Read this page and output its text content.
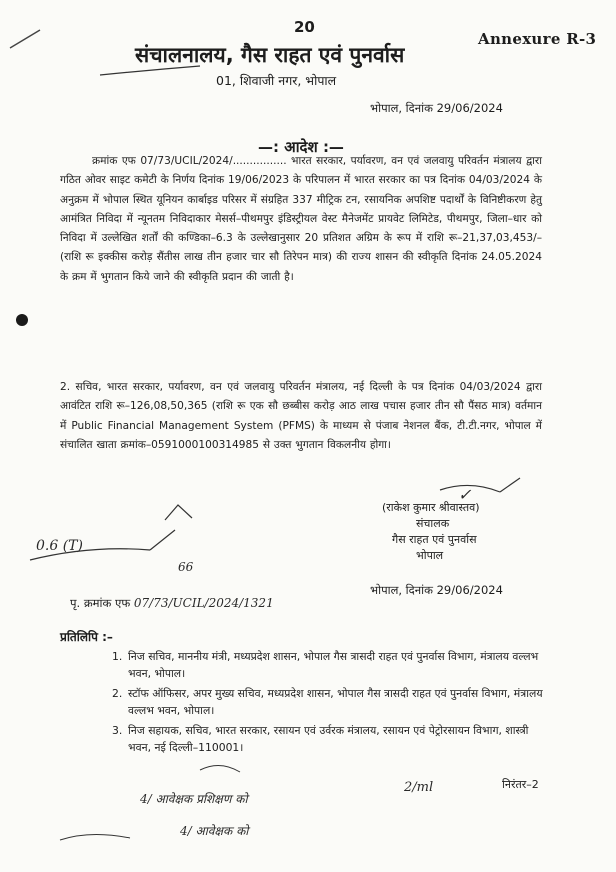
20
Annexure R-3
संचालनालय, गैस राहत एवं पुनर्वास
01, शिवाजी नगर, भोपाल
भोपाल, दिनांक 29/06/2024
0.6 (T)
66
—: आदेश :—

क्रमांक एफ 07/73/UCIL/2024/................ भारत सरकार, पर्यावरण, वन एवं जलवायु परिवर्तन मंत्रालय द्वारा गठित ओवर साइट कमेटी के निर्णय दिनांक 19/06/2023 के परिपालन में भारत सरकार का पत्र दिनांक 04/03/2024 के अनुक्रम में भोपाल स्थित यूनियन कार्बाइड परिसर में संग्रहित 337 मीट्रिक टन, रसायनिक अपशिष्ट पदार्थों के विनिष्टीकरण हेतु आमंत्रित निविदा में न्यूनतम निविदाकार मेसर्स–पीथमपुर इंडिस्ट्रीयल वेस्ट मैनेजमेंट प्रायवेट लिमिटेड, पीथमपुर, जिला–धार को निविदा में उल्लेखित शर्तों की कण्डिका–6.3 के उल्लेखानुसार 20 प्रतिशत अग्रिम के रूप में राशि रू–21,37,03,453/–(राशि रू इक्कीस करोड़ सैंतीस लाख तीन हजार चार सौ तिरेपन मात्र) की राज्य शासन की स्वीकृति दिनांक 24.05.2024 के क्रम में भुगतान किये जाने की स्वीकृति प्रदान की जाती है।

2. सचिव, भारत सरकार, पर्यावरण, वन एवं जलवायु परिवर्तन मंत्रालय, नई दिल्ली के पत्र दिनांक 04/03/2024 द्वारा आवंटित राशि रू–126,08,50,365 (राशि रू एक सौ छब्बीस करोड़ आठ लाख पचास हजार तीन सौ पैंसठ मात्र) वर्तमान में Public Financial Management System (PFMS) के माध्यम से पंजाब नेशनल बैंक, टी.टी.नगर, भोपाल में संचालित खाता क्रमांक–0591000100314985 से उक्त भुगतान विकलनीय होगा।

(राकेश कुमार श्रीवास्तव)
संचालक
गैस राहत एवं पुनर्वास
भोपाल
भोपाल, दिनांक 29/06/2024
पृ. क्रमांक एफ 07/73/UCIL/2024/1321
प्रतिलिपि :–
1. निज सचिव, माननीय मंत्री, मध्यप्रदेश शासन, भोपाल गैस त्रासदी राहत एवं पुनर्वास विभाग, मंत्रालय वल्लभ भवन, भोपाल।
2. स्टॉफ ऑफिसर, अपर मुख्य सचिव, मध्यप्रदेश शासन, भोपाल गैस त्रासदी राहत एवं पुनर्वास विभाग, मंत्रालय वल्लभ भवन, भोपाल।
3. निज सहायक, सचिव, भारत सरकार, रसायन एवं उर्वरक मंत्रालय, रसायन एवं पेट्रोरसायन विभाग, शास्त्री भवन, नई दिल्ली–110001।
4/ आवेक्षक प्रशिक्षण को
4/ आवेक्षक को
2/ml
✓
निरंतर–2
